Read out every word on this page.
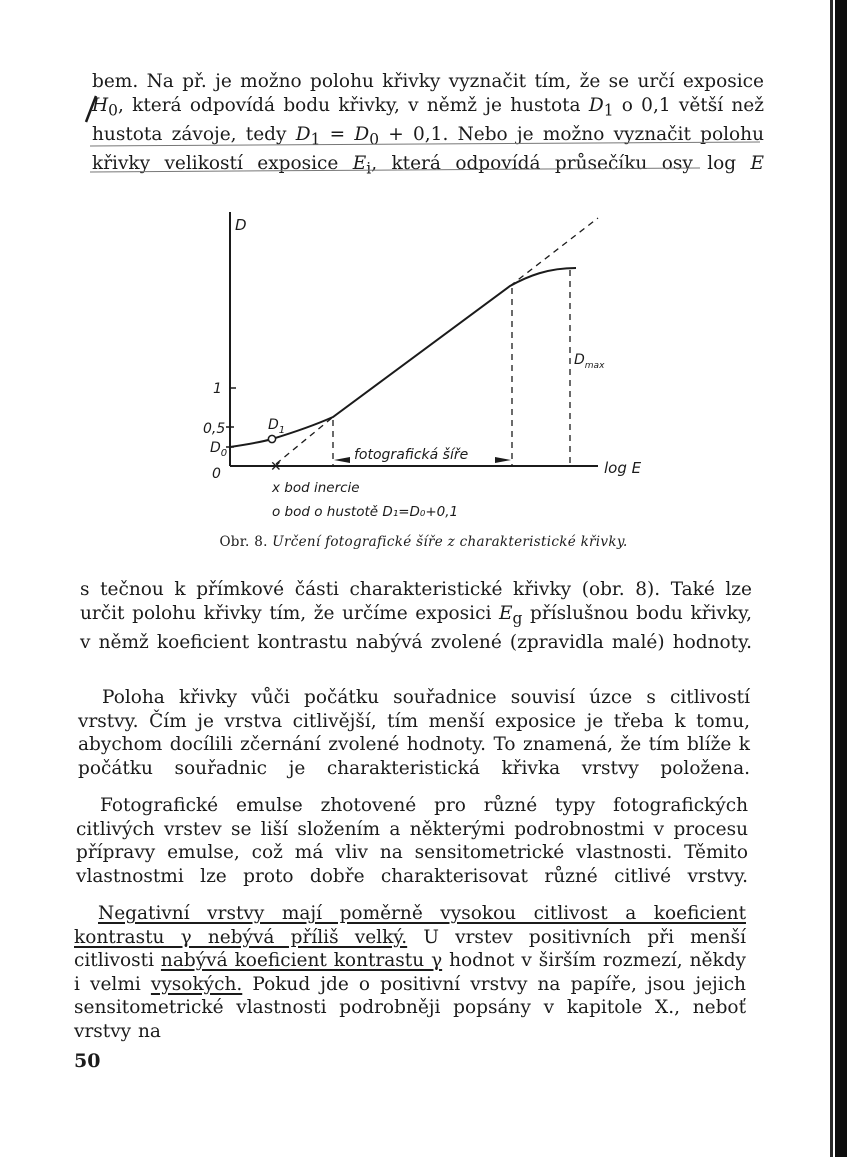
bem. Na př. je možno polohu křivky vyznačit tím, že se určí exposice $H_0$, která odpovídá bodu křivky, v němž je hustota $D_1$ o 0,1 větší než hustota závoje, tedy $D_1 = D_0 + 0,1$. Nebo je možno vyznačit polohu křivky velikostí exposice $E_i$, která odpovídá průsečíku osy log E

✕
D
log E
1
0,5
$D_0$
0
$D_1$
$D_{max}$
fotografická šíře
x bod inercie
o bod o hustotě D₁=D₀+0,1
Obr. 8. Určení fotografické šíře z charakteristické křivky.

s tečnou k přímkové části charakteristické křivky (obr. 8). Také lze určit polohu křivky tím, že určíme exposici $E_g$ příslušnou bodu křivky, v němž koeficient kontrastu nabývá zvolené (zpravidla malé) hodnoty.

Poloha křivky vůči počátku souřadnice souvisí úzce s citlivostí vrstvy. Čím je vrstva citlivější, tím menší exposice je třeba k tomu, abychom docílili zčernání zvolené hodnoty. To znamená, že tím blíže k počátku souřadnic je charakteristická křivka vrstvy položena.

Fotografické emulse zhotovené pro různé typy fotografických citlivých vrstev se liší složením a některými podrobnostmi v procesu přípravy emulse, což má vliv na sensitometrické vlastnosti. Těmito vlastnostmi lze proto dobře charakterisovat různé citlivé vrstvy.

Negativní vrstvy mají poměrně vysokou citlivost a koeficient kontrastu γ nebývá příliš velký. U vrstev positivních při menší citlivosti nabývá koeficient kontrastu γ hodnot v širším rozmezí, někdy i velmi vysokých. Pokud jde o positivní vrstvy na papíře, jsou jejich sensitometrické vlastnosti podrobněji popsány v kapitole X., neboť vrstvy na

50
